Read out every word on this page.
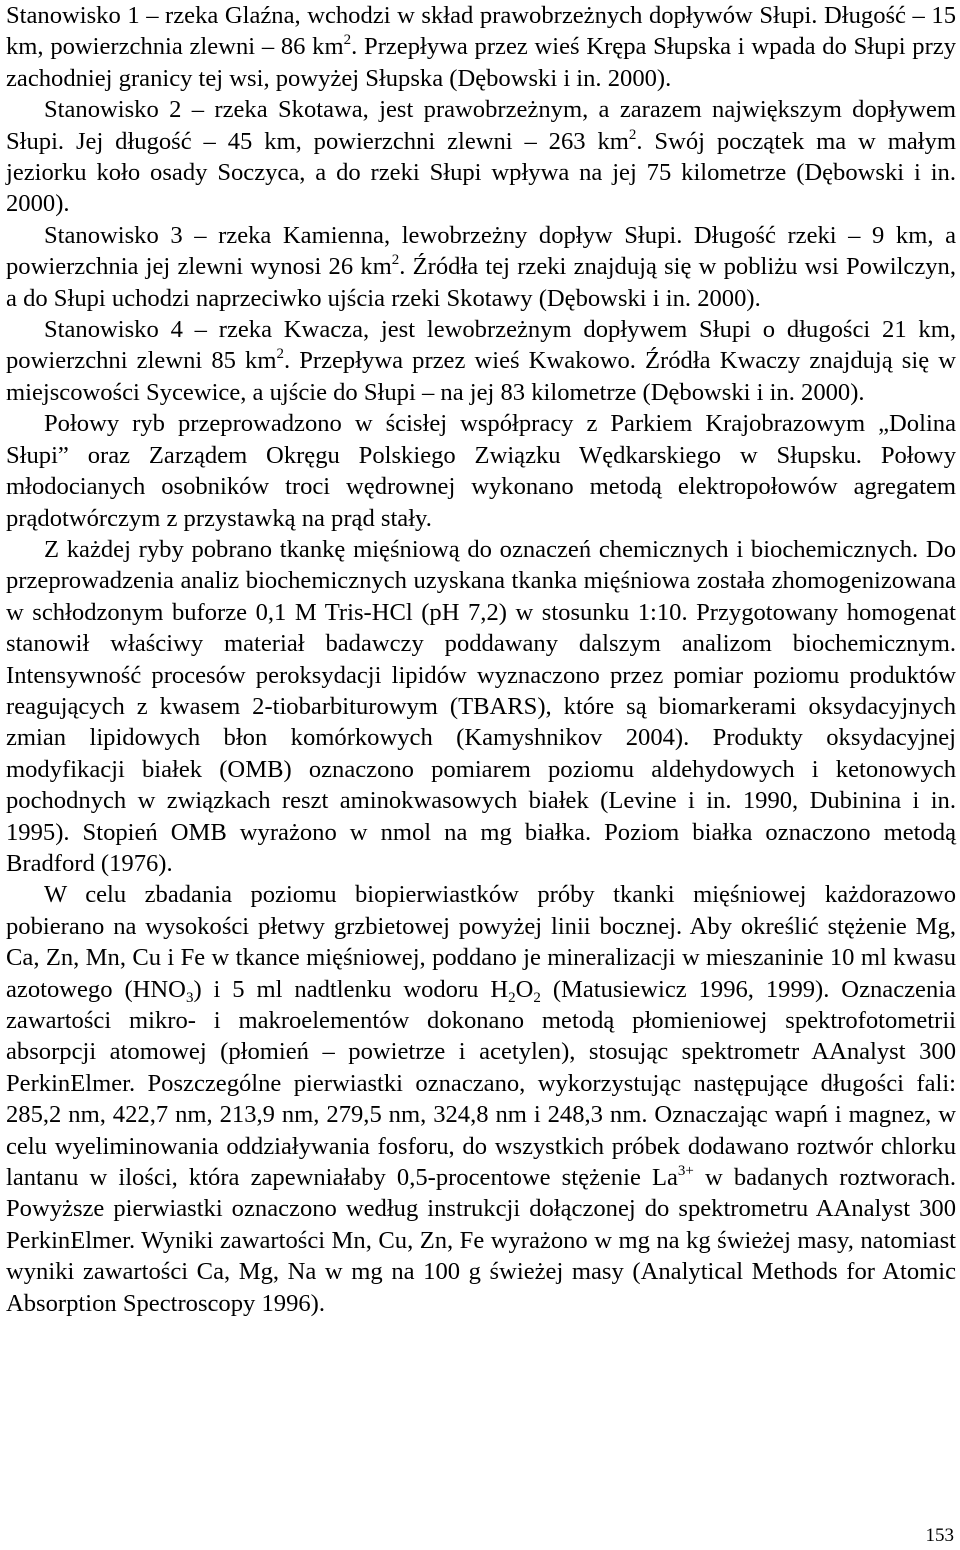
Stanowisko 1 – rzeka Glaźna, wchodzi w skład prawobrzeżnych dopływów Słupi. Długość – 15 km, powierzchnia zlewni – 86 $km^2$. Przepływa przez wieś Krępa Słupska i wpada do Słupi przy zachodniej granicy tej wsi, powyżej Słupska (Dębowski i in. 2000).

Stanowisko 2 – rzeka Skotawa, jest prawobrzeżnym, a zarazem największym dopływem Słupi. Jej długość – 45 km, powierzchni zlewni – 263 $km^2$. Swój początek ma w małym jeziorku koło osady Soczyca, a do rzeki Słupi wpływa na jej 75 kilometrze (Dębowski i in. 2000).

Stanowisko 3 – rzeka Kamienna, lewobrzeżny dopływ Słupi. Długość rzeki – 9 km, a powierzchnia jej zlewni wynosi 26 $km^2$. Źródła tej rzeki znajdują się w pobliżu wsi Powilczyn, a do Słupi uchodzi naprzeciwko ujścia rzeki Skotawy (Dębowski i in. 2000).

Stanowisko 4 – rzeka Kwacza, jest lewobrzeżnym dopływem Słupi o długości 21 km, powierzchni zlewni 85 $km^2$. Przepływa przez wieś Kwakowo. Źródła Kwaczy znajdują się w miejscowości Sycewice, a ujście do Słupi – na jej 83 kilometrze (Dębowski i in. 2000).

Połowy ryb przeprowadzono w ścisłej współpracy z Parkiem Krajobrazowym „Dolina Słupi” oraz Zarządem Okręgu Polskiego Związku Wędkarskiego w Słupsku. Połowy młodocianych osobników troci wędrownej wykonano metodą elektropołowów agregatem prądotwórczym z przystawką na prąd stały.

Z każdej ryby pobrano tkankę mięśniową do oznaczeń chemicznych i biochemicznych. Do przeprowadzenia analiz biochemicznych uzyskana tkanka mięśniowa została zhomogenizowana w schłodzonym buforze 0,1 M Tris-HCl (pH 7,2) w stosunku 1:10. Przygotowany homogenat stanowił właściwy materiał badawczy poddawany dalszym analizom biochemicznym. Intensywność procesów peroksydacji lipidów wyznaczono przez pomiar poziomu produktów reagujących z kwasem 2-tiobarbiturowym (TBARS), które są biomarkerami oksydacyjnych zmian lipidowych błon komórkowych (Kamyshnikov 2004). Produkty oksydacyjnej modyfikacji białek (OMB) oznaczono pomiarem poziomu aldehydowych i ketonowych pochodnych w związkach reszt aminokwasowych białek (Levine i in. 1990, Dubinina i in. 1995). Stopień OMB wyrażono w nmol na mg białka. Poziom białka oznaczono metodą Bradford (1976).

W celu zbadania poziomu biopierwiastków próby tkanki mięśniowej każdorazowo pobierano na wysokości płetwy grzbietowej powyżej linii bocznej. Aby określić stężenie Mg, Ca, Zn, Mn, Cu i Fe w tkance mięśniowej, poddano je mineralizacji w mieszaninie 10 ml kwasu azotowego $(HNO_3)$ i 5 ml nadtlenku wodoru $H_2O_2$ (Matusiewicz 1996, 1999). Oznaczenia zawartości mikro- i makroelementów dokonano metodą płomieniowej spektrofotometrii absorpcji atomowej (płomień – powietrze i acetylen), stosując spektrometr AAnalyst 300 PerkinElmer. Poszczególne pierwiastki oznaczano, wykorzystując następujące długości fali: 285,2 nm, 422,7 nm, 213,9 nm, 279,5 nm, 324,8 nm i 248,3 nm. Oznaczając wapń i magnez, w celu wyeliminowania oddziaływania fosforu, do wszystkich próbek dodawano roztwór chlorku lantanu w ilości, która zapewniałaby 0,5-procentowe stężenie $La^{3+}$ w badanych roztworach. Powyższe pierwiastki oznaczono według instrukcji dołączonej do spektrometru AAnalyst 300 PerkinElmer. Wyniki zawartości Mn, Cu, Zn, Fe wyrażono w mg na kg świeżej masy, natomiast wyniki zawartości Ca, Mg, Na w mg na 100 g świeżej masy (Analytical Methods for Atomic Absorption Spectroscopy 1996).

153
